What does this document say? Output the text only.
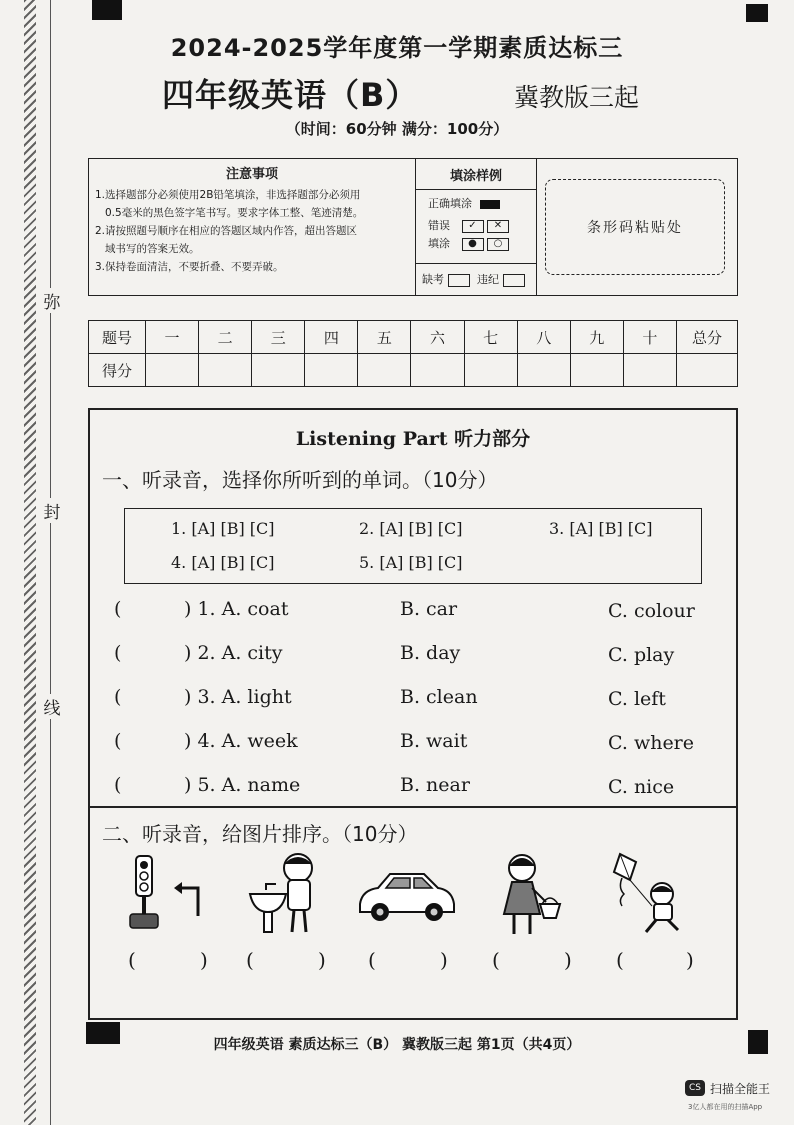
弥
封
线
2024-2025学年度第一学期素质达标三
四年级英语（B）	冀教版三起
（时间：60分钟 满分：100分）
注意事项
1.选择题部分必须使用2B铅笔填涂，非选择题部分必须用
0.5毫米的黑色签字笔书写。要求字体工整、笔迹清楚。
2.请按照题号顺序在相应的答题区域内作答，超出答题区
域书写的答案无效。
3.保持卷面清洁，不要折叠、不要弄破。
填涂样例
正确填涂
错误 ✓ ✕
填涂 ● ○
缺考	违纪
条形码粘贴处
题号	一	二	三	四	五	六	七	八	九	十	总分
得分											
Listening Part 听力部分
一、听录音，选择你所听到的单词。（10分）
1. [A] [B] [C]	2. [A] [B] [C]	3. [A] [B] [C]
4. [A] [B] [C]	5. [A] [B] [C]
(	) 1. A. coat	B. car	C. colour
(	) 2. A. city	B. day	C. play
(	) 3. A. light	B. clean	C. left
(	) 4. A. week	B. wait	C. where
(	) 5. A. name	B. near	C. nice
二、听录音，给图片排序。（10分）
(	) (	) (	) (	) (	)
四年级英语 素质达标三（B） 冀教版三起 第1页（共4页）
CS 扫描全能王
3亿人都在用的扫描App
